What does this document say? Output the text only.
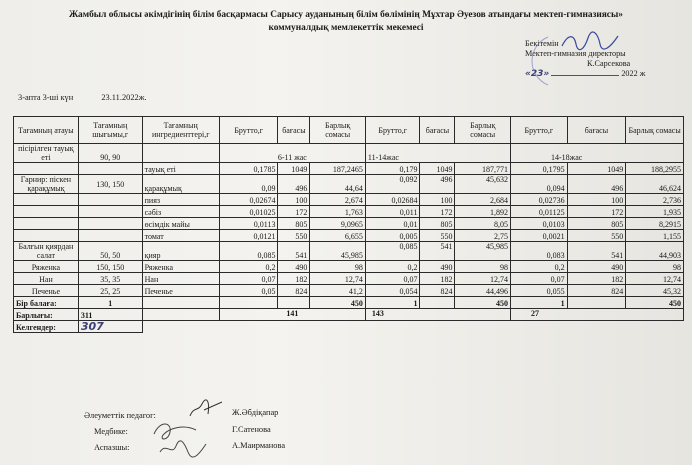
Жамбыл облысы әкімдігінің білім басқармасы Сарысу ауданының білім бөлімінің Мұхтар Әуезов атындағы мектеп-гимназиясы»
коммуналдық мемлекеттік мекемесі
Бекітемін
Мектеп-гимназия директоры
К.Сарсекова
«23»	2022 ж
3-апта 3-ші күн	23.11.2022ж.
Тағамның атауы	Тағамның шығымы,г	Тағамның ингредиенттері,г	Брутто,г	бағасы	Барлық сомасы	Брутто,г	бағасы	Барлық сомасы	Брутто,г	бағасы	Барлық сомасы
пісірілген тауық еті	90, 90		6-11 жас			11-14жас			14-18жас		
		тауық еті	0,1785	1049	187,2465	0,179	1049	187,771	0,1795	1049	188,2955
Гарнир: піскен қарақұмық	130, 150	қарақұмық	0,09	496	44,64	0,092	496	45,632	0,094	496	46,624
		пияз	0,02674	100	2,674	0,02684	100	2,684	0,02736	100	2,736
		сәбіз	0,01025	172	1,763	0,011	172	1,892	0,01125	172	1,935
		өсімдік майы	0,0113	805	9,0965	0,01	805	8,05	0,0103	805	8,2915
		томат	0,0121	550	6,655	0,005	550	2,75	0,0021	550	1,155
Балғын қиярдан салат	50, 50	қияр	0,085	541	45,985	0,085	541	45,985	0,083	541	44,903
Ряженка	150, 150	Ряженка	0,2	490	98	0,2	490	98	0,2	490	98
Нан	35, 35	Нан	0,07	182	12,74	0,07	182	12,74	0,07	182	12,74
Печенье	25, 25	Печенье	0,05	824	41,2	0,054	824	44,496	0,055	824	45,32
Бір балаға:	1				450	1		450	1		450
Барлығы:	311		141			143			27		
Келгендер:	307										
Әлеуметтік педагог:	Ж.Әбдіқапар
Медбике:	Г.Сатенова
Аспазшы:	А.Маирманова
